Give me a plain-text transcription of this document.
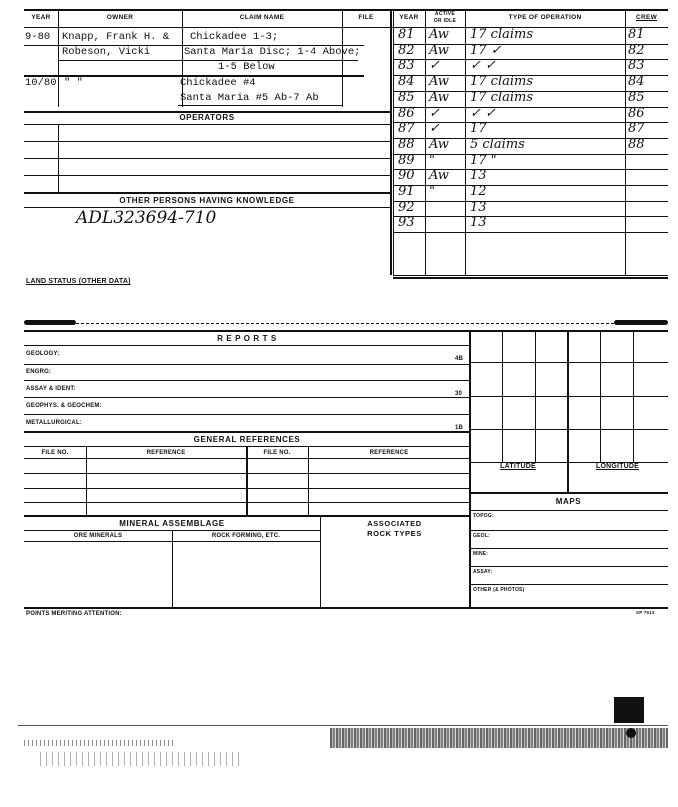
YEAR	OWNER	CLAIM NAME	FILE	YEAR	ACTIVE
OR IDLE	TYPE OF OPERATION	CREW
9-80 Knapp, Frank H. & Chickadee 1-3;
Robeson, Vicki	Santa Maria Disc; 1-4 Above;
1-5 Below
10/80 " "	Chickadee #4
Santa Maria #5 Ab-7 Ab
OPERATORS
OTHER PERSONS HAVING KNOWLEDGE
ADL323694-710
81 Aw 17 claims	81
82 Aw 17 ✓	82
83 ✓ ✓ ✓	83
84 Aw 17 claims	84
85 Aw 17 claims	85
86 ✓ ✓ ✓	86
87 ✓ 17	87
88 Aw 5 claims	88
89 "	17 "
90 Aw 13
91 "	12
92	13
93	13
LAND STATUS (OTHER DATA)
R E P O R T S
GEOLOGY:
4B
ENGRG:
ASSAY & IDENT:
30
GEOPHYS. & GEOCHEM:
METALLURGICAL:
1B
GENERAL REFERENCES
FILE NO.	REFERENCE	FILE NO.	REFERENCE
MINERAL ASSEMBLAGE
ORE MINERALS	ROCK FORMING, ETC.
ASSOCIATED
ROCK TYPES
LATITUDE	LONGITUDE
MAPS
TOPOG:
GEOL:
MINE:
ASSAY:
OTHER (& PHOTOS)
POINTS MERITING ATTENTION:	SP 7513
